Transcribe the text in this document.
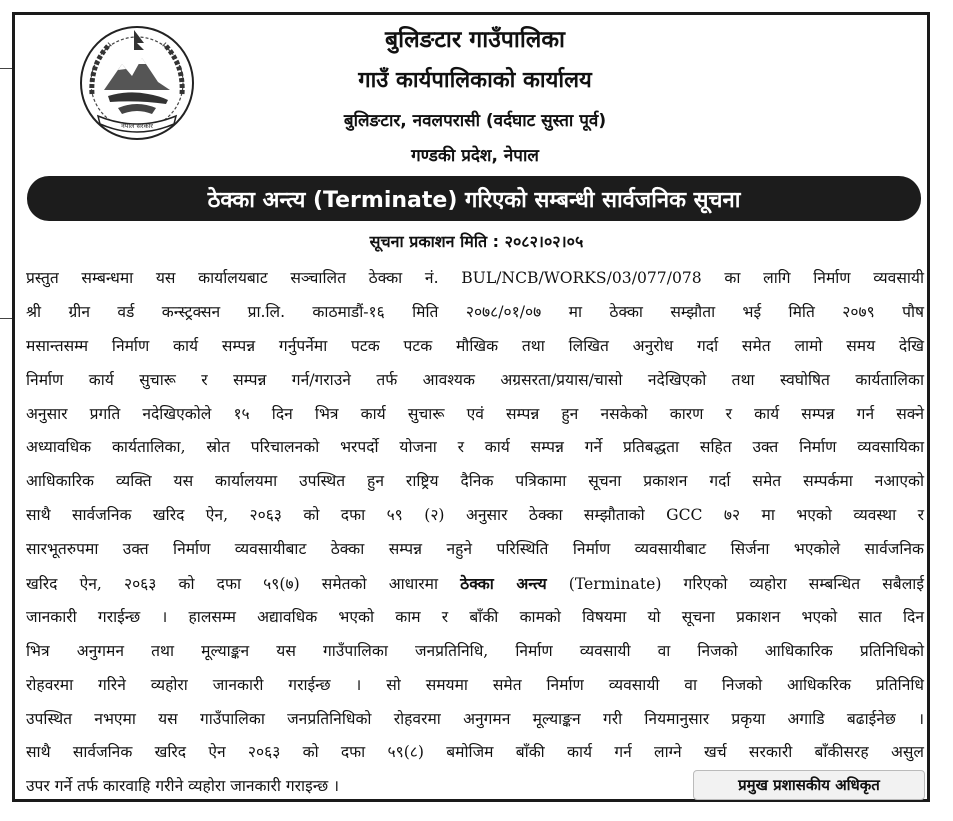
नेपाल सरकार
बुलिङटार गाउँपालिका
गाउँ कार्यपालिकाको कार्यालय
बुलिङटार, नवलपरासी (वर्दघाट सुस्ता पूर्व)
गण्डकी प्रदेश, नेपाल
ठेक्का अन्त्य (Terminate) गरिएको सम्बन्धी सार्वजनिक सूचना
सूचना प्रकाशन मिति : २०८२।०२।०५
प्रस्तुत सम्बन्धमा यस कार्यालयबाट सञ्चालित ठेक्का नं. BUL/NCB/WORKS/03/077/078 का लागि निर्माण व्यवसायी
श्री ग्रीन वर्ड कन्स्ट्रक्सन प्रा.लि. काठमाडौं-१६ मिति २०७८/०१/०७ मा ठेक्का सम्झौता भई मिति २०७९ पौष
मसान्तसम्म निर्माण कार्य सम्पन्न गर्नुपर्नेमा पटक पटक मौखिक तथा लिखित अनुरोध गर्दा समेत लामो समय देखि
निर्माण कार्य सुचारू र सम्पन्न गर्न/गराउने तर्फ आवश्यक अग्रसरता/प्रयास/चासो नदेखिएको तथा स्वघोषित कार्यतालिका
अनुसार प्रगति नदेखिएकोले १५ दिन भित्र कार्य सुचारू एवं सम्पन्न हुन नसकेको कारण र कार्य सम्पन्न गर्न सक्ने
अध्यावधिक कार्यतालिका, स्रोत परिचालनको भरपर्दो योजना र कार्य सम्पन्न गर्ने प्रतिबद्धता सहित उक्त निर्माण व्यवसायिका
आधिकारिक व्यक्ति यस कार्यालयमा उपस्थित हुन राष्ट्रिय दैनिक पत्रिकामा सूचना प्रकाशन गर्दा समेत सम्पर्कमा नआएको
साथै सार्वजनिक खरिद ऐन, २०६३ को दफा ५९ (२) अनुसार ठेक्का सम्झौताको GCC ७२ मा भएको व्यवस्था र
सारभूतरुपमा उक्त निर्माण व्यवसायीबाट ठेक्का सम्पन्न नहुने परिस्थिति निर्माण व्यवसायीबाट सिर्जना भएकोले सार्वजनिक
खरिद ऐन, २०६३ को दफा ५९(७) समेतको आधारमा ठेक्का अन्त्य (Terminate) गरिएको व्यहोरा सम्बन्धित सबैलाई
जानकारी गराईन्छ । हालसम्म अद्यावधिक भएको काम र बाँकी कामको विषयमा यो सूचना प्रकाशन भएको सात दिन
भित्र अनुगमन तथा मूल्याङ्कन यस गाउँपालिका जनप्रतिनिधि, निर्माण व्यवसायी वा निजको आधिकारिक प्रतिनिधिको
रोहवरमा गरिने व्यहोरा जानकारी गराईन्छ । सो समयमा समेत निर्माण व्यवसायी वा निजको आधिकरिक प्रतिनिधि
उपस्थित नभएमा यस गाउँपालिका जनप्रतिनिधिको रोहवरमा अनुगमन मूल्याङ्कन गरी नियमानुसार प्रकृया अगाडि बढाईनेछ ।
साथै सार्वजनिक खरिद ऐन २०६३ को दफा ५९(८) बमोजिम बाँकी कार्य गर्न लाग्ने खर्च सरकारी बाँकीसरह असुल
उपर गर्ने तर्फ कारवाहि गरीने व्यहोरा जानकारी गराइन्छ ।	प्रमुख प्रशासकीय अधिकृत
